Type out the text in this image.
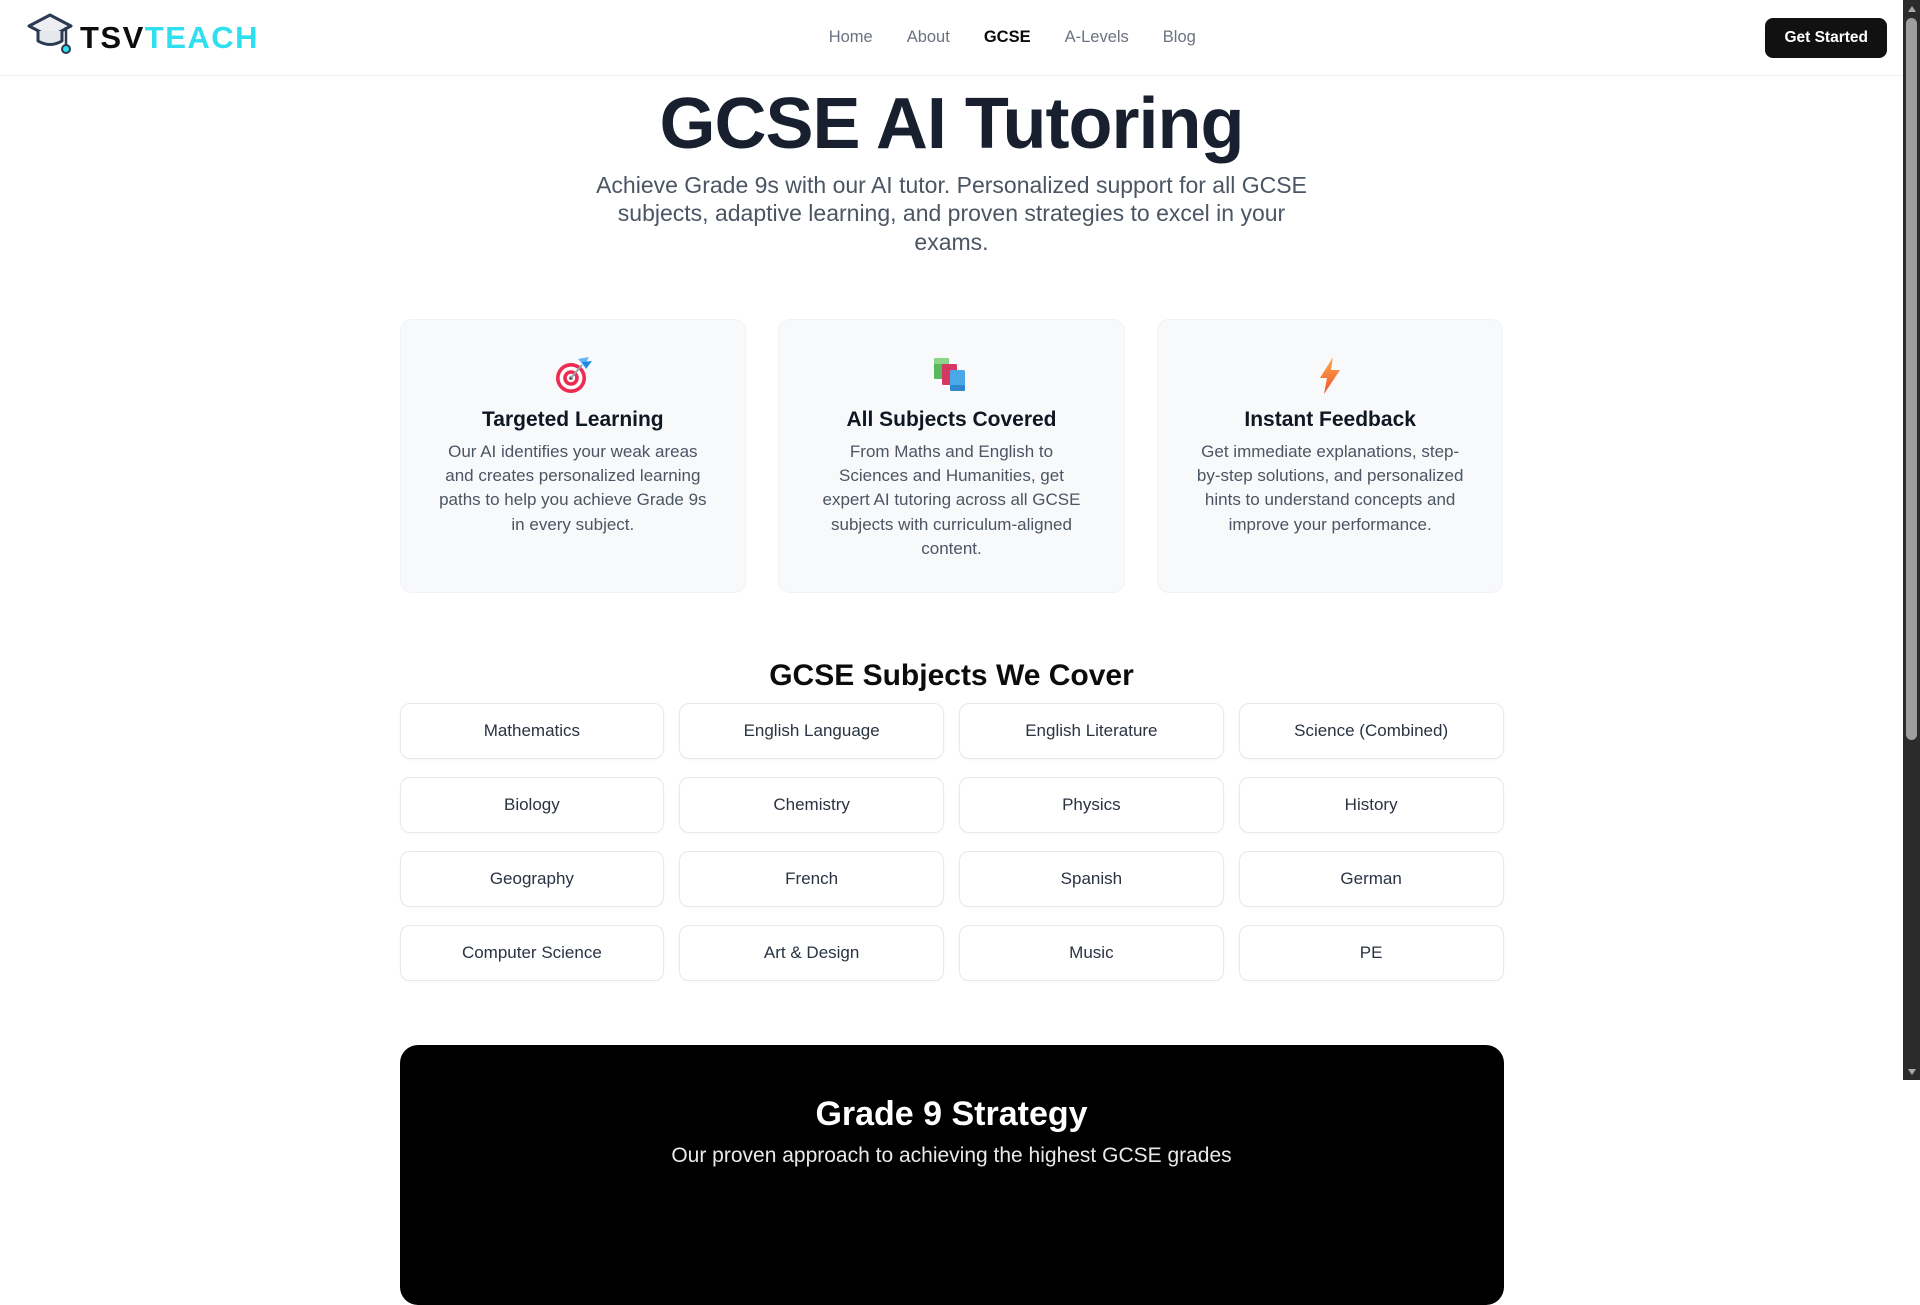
TSVTEACH	Home About GCSE A-Levels Blog	Get Started
GCSE AI Tutoring

Achieve Grade 9s with our AI tutor. Personalized support for all GCSE subjects, adaptive learning, and proven strategies to excel in your exams.

Targeted Learning
Our AI identifies your weak areas and creates personalized learning paths to help you achieve Grade 9s in every subject.
All Subjects Covered
From Maths and English to Sciences and Humanities, get expert AI tutoring across all GCSE subjects with curriculum-aligned content.
Instant Feedback
Get immediate explanations, step-by-step solutions, and personalized hints to understand concepts and improve your performance.
GCSE Subjects We Cover
Mathematics	English Language	English Literature	Science (Combined)
Biology	Chemistry	Physics	History
Geography	French	Spanish	German
Computer Science	Art & Design	Music	PE
Grade 9 Strategy

Our proven approach to achieving the highest GCSE grades
